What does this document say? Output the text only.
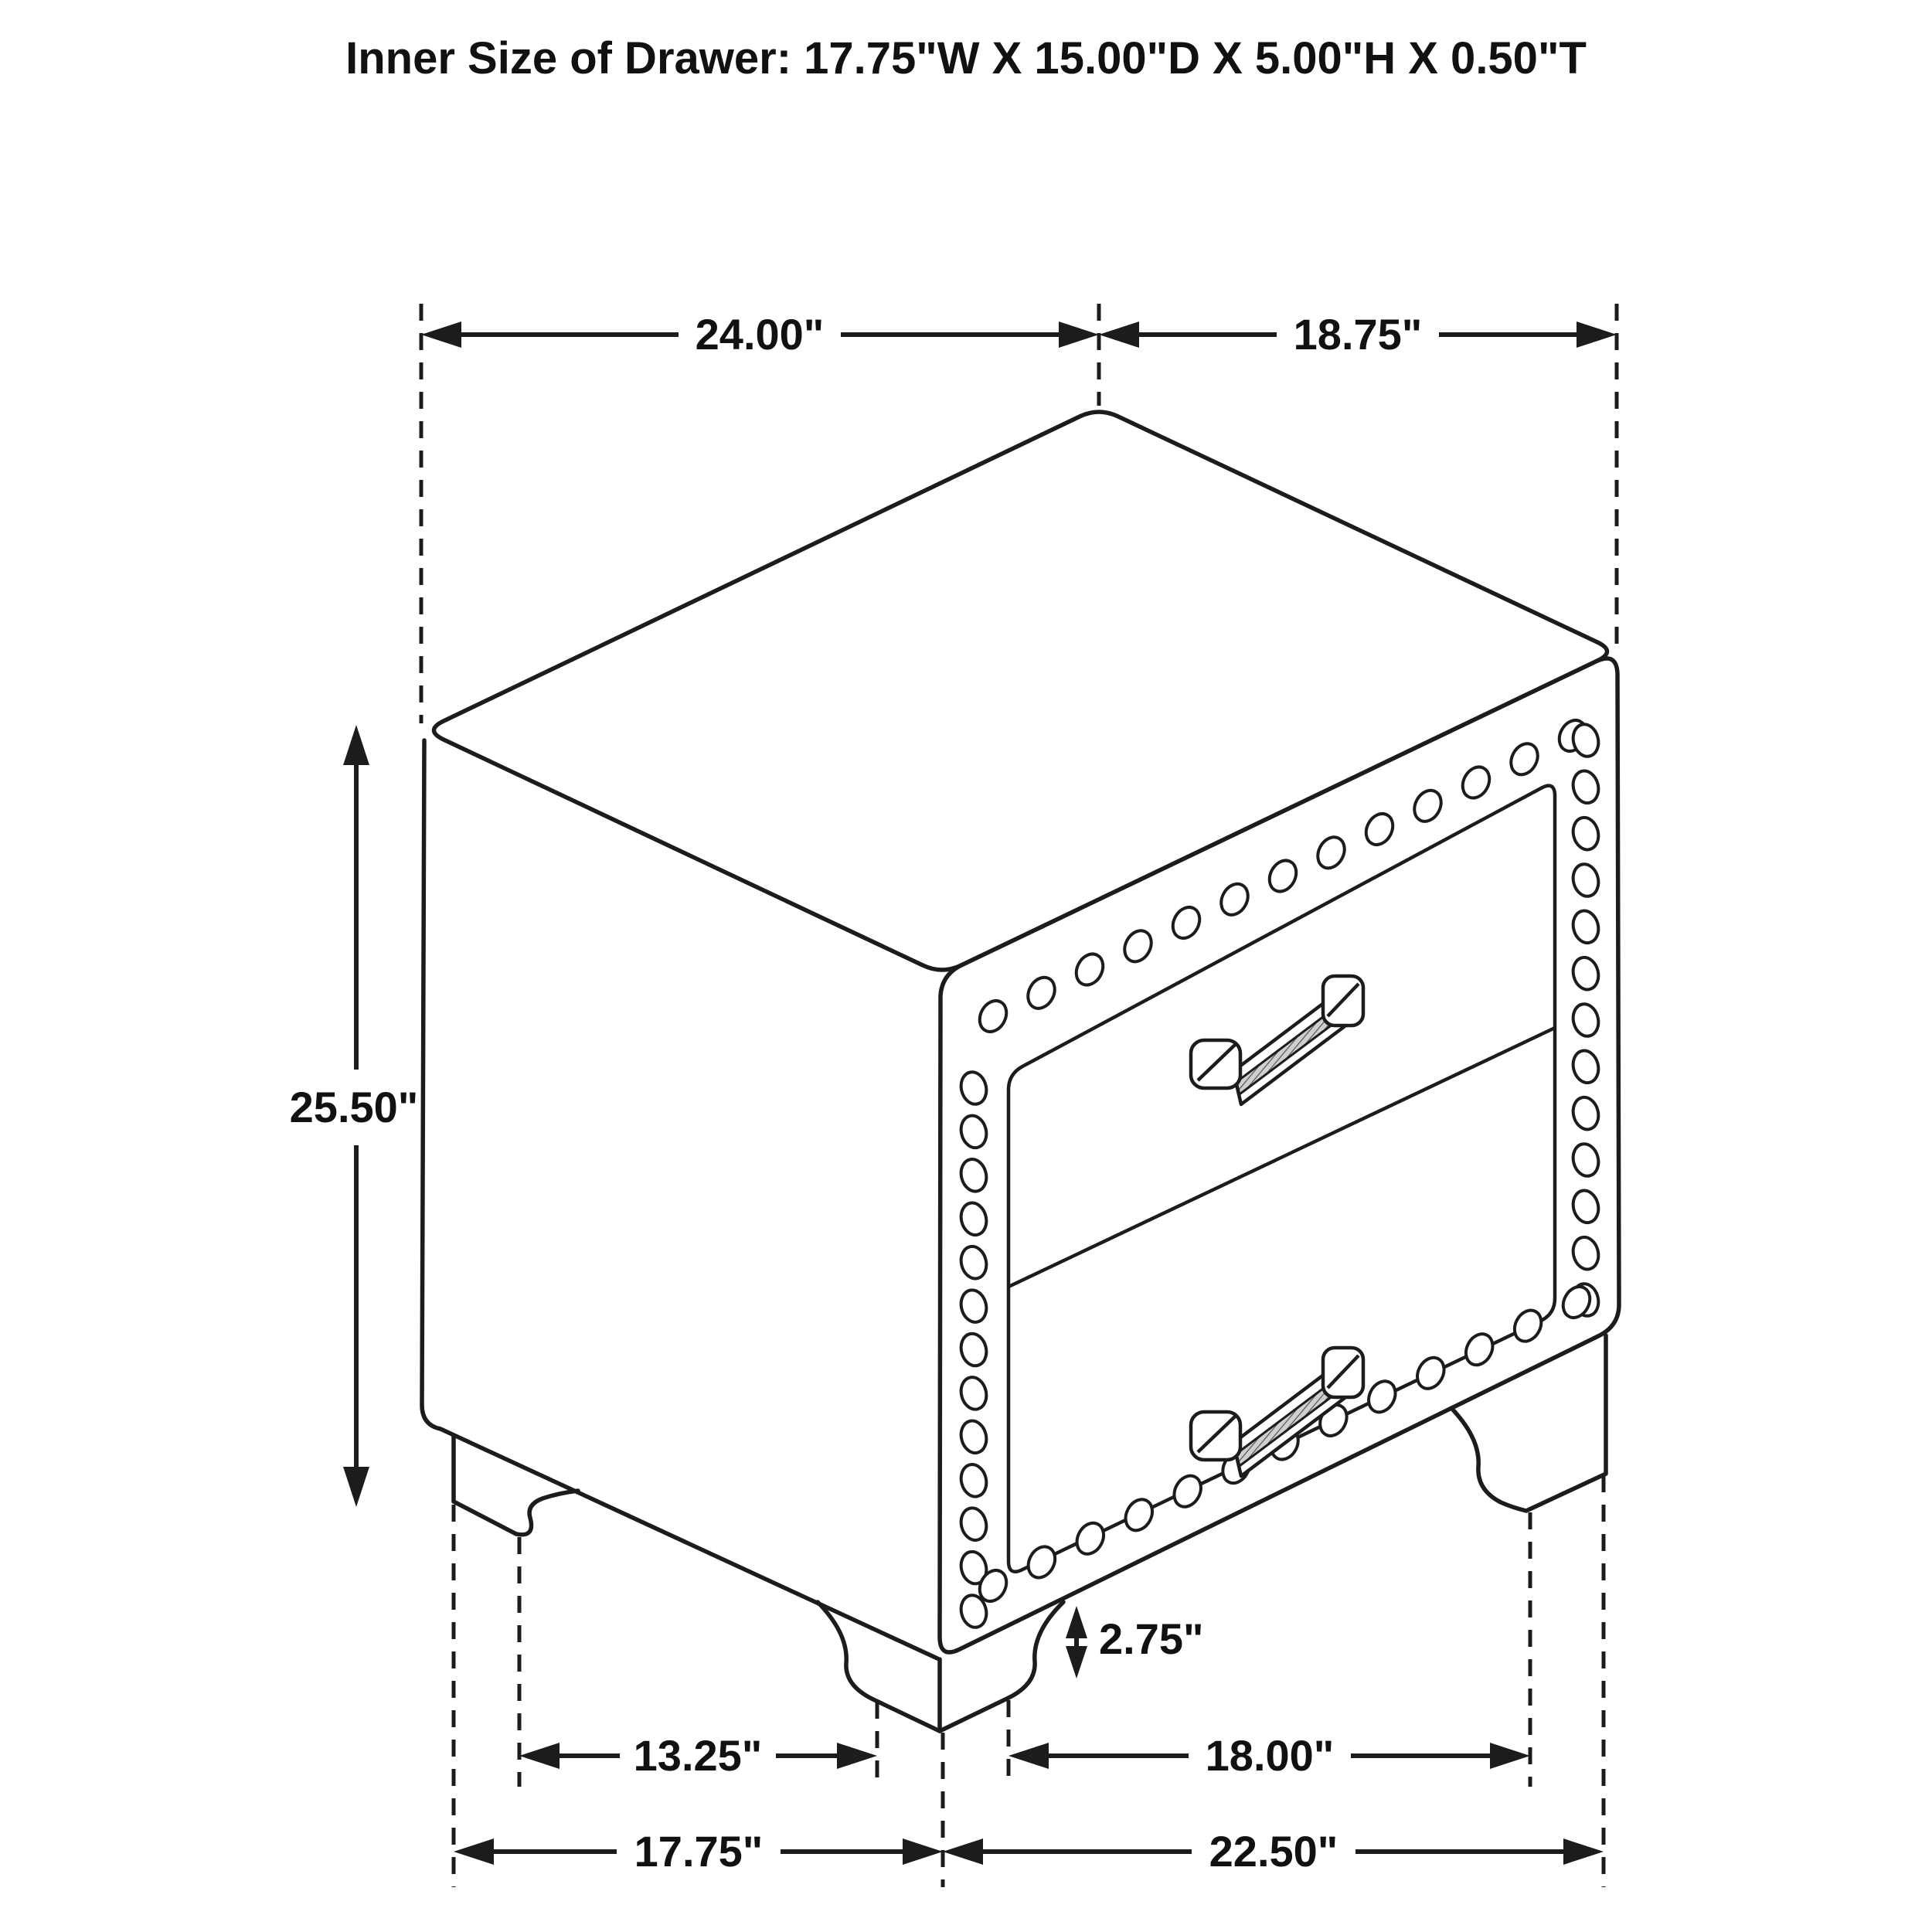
24.00"	18.75"
25.50"
2.75"
13.25"	18.00"
17.75"	22.50"
Inner Size of Drawer: 17.75"W X 15.00"D X 5.00"H X 0.50"T
